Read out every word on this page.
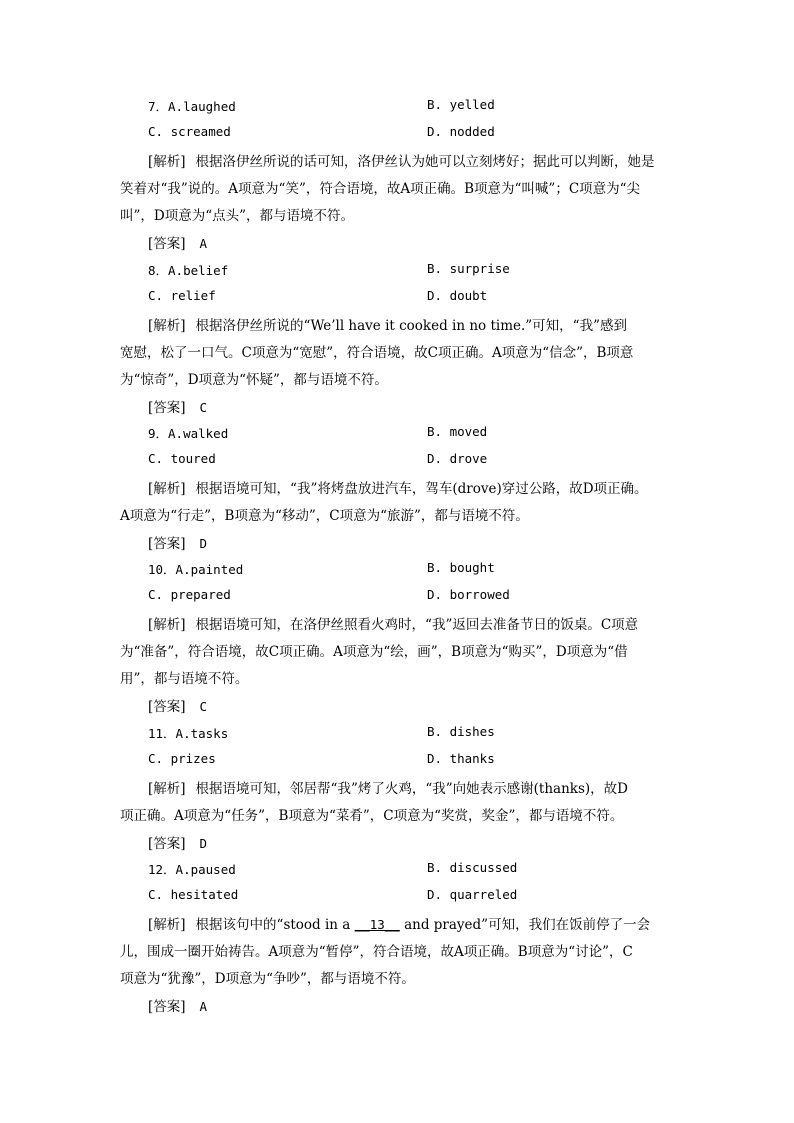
7．A.laughed	B. yelled
C. screamed	D. nodded
[解析] 根据洛伊丝所说的话可知，洛伊丝认为她可以立刻烤好；据此可以判断，她是
笑着对“我”说的。A项意为“笑”，符合语境，故A项正确。B项意为“叫喊”；C项意为“尖
叫”，D项意为“点头”，都与语境不符。
[答案] A
8．A.belief	B. surprise
C. relief	D. doubt
[解析] 根据洛伊丝所说的“We’ll have it cooked in no time.”可知，“我”感到
宽慰，松了一口气。C项意为“宽慰”，符合语境，故C项正确。A项意为“信念”，B项意
为“惊奇”，D项意为“怀疑”，都与语境不符。
[答案] C
9．A.walked	B. moved
C. toured	D. drove
[解析] 根据语境可知，“我”将烤盘放进汽车，驾车(drove)穿过公路，故D项正确。
A项意为“行走”，B项意为“移动”，C项意为“旅游”，都与语境不符。
[答案] D
10．A.painted	B. bought
C. prepared	D. borrowed
[解析] 根据语境可知，在洛伊丝照看火鸡时，“我”返回去准备节日的饭桌。C项意
为“准备”，符合语境，故C项正确。A项意为“绘，画”，B项意为“购买”，D项意为“借
用”，都与语境不符。
[答案] C
11．A.tasks	B. dishes
C. prizes	D. thanks
[解析] 根据语境可知，邻居帮“我”烤了火鸡，“我”向她表示感谢(thanks)，故D
项正确。A项意为“任务”，B项意为“菜肴”，C项意为“奖赏，奖金”，都与语境不符。
[答案] D
12．A.paused	B. discussed
C. hesitated	D. quarreled
[解析] 根据该句中的“stood in a __13__ and prayed”可知，我们在饭前停了一会
儿，围成一圈开始祷告。A项意为“暂停”，符合语境，故A项正确。B项意为“讨论”，C
项意为“犹豫”，D项意为“争吵”，都与语境不符。
[答案] A
